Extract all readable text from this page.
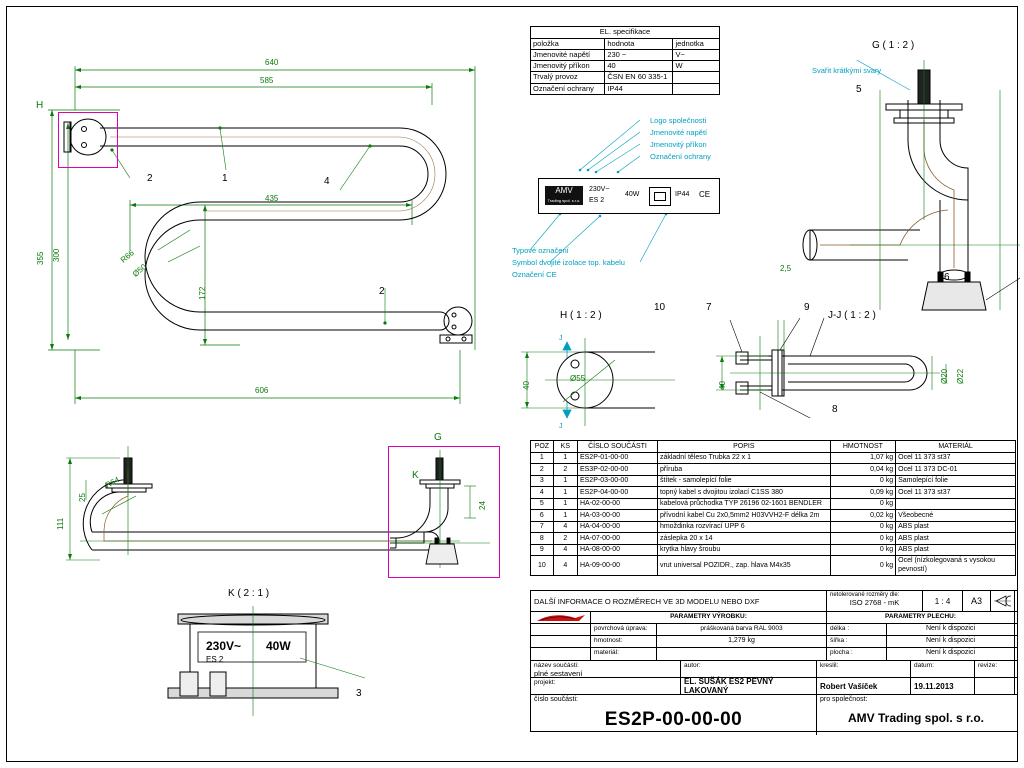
H
640
585
435
606
355 300
172
R66
Ø50
2	1	4
2
EL. specifikace		
položka	hodnota	jednotka
Jmenovité napětí	230 ~	V~
Jmenovitý příkon	40	W
Trvalý provoz	ČSN EN 60 335-1	
Označení ochrany	IP44	
Logo společnosti
Jmenovité napětí
Jmenovitý příkon
Označení ochrany
Typové označení
Symbol dvojité izolace top. kabelu
Označení CE
AMV
Trading spol. s.r.o.
230V~
ES 2
40W	IP44 CE
G ( 1 : 2 )
Svařit krátkými svary
5
6
H ( 1 : 2 )
J
J
40
Ø55
J-J ( 1 : 2 )
10	7	9
8
2,5
40
Ø20 Ø22
111
25
R64
G
K
24
K ( 2 : 1 )
230V~ 40W
ES 2
3
POZ	KS	ČÍSLO SOUČÁSTI	POPIS	HMOTNOST	MATERIÁL
1	1	ES2P-01-00-00	základní těleso Trubka 22 x 1	1,07 kg	Ocel 11 373 st37
2	2	ES3P-02-00-00	příruba	0,04 kg	Ocel 11 373 DC-01
3	1	ES2P-03-00-00	štítek - samolepící folie	0 kg	Samolepící folie
4	1	ES2P-04-00-00	topný kabel s dvojitou izolací C1SS 380	0,09 kg	Ocel 11 373 st37
5	1	HA-02-00-00	kabelová průchodka TYP 26196 02-1601 BENDLER	0 kg	
6	1	HA-03-00-00	přívodní kabel Cu 2x0,5mm2 H03VVH2-F délka 2m	0,02 kg	Všeobecné
7	4	HA-04-00-00	hmoždinka rozvírací UPP 6	0 kg	ABS plast
8	2	HA-07-00-00	záslepka 20 x 14	0 kg	ABS plast
9	4	HA-08-00-00	krytka hlavy šroubu	0 kg	ABS plast
10	4	HA-09-00-00	vrut universal POZIDR., zap. hlava M4x35	0 kg	Ocel (nízkolegovaná s vysokou pevností)
DALŠÍ INFORMACE O ROZMĚRECH VE 3D MODELU NEBO DXF
netolerované rozměry dle:
ISO 2768 - mK	1 : 4	A3
PARAMETRY VÝROBKU:	PARAMETRY PLECHU:
povrchová úprava:	práškovaná barva RAL 9003	délka :	Není k dispozici
hmotnost:	1,279 kg	šířka :	Není k dispozici
materiál:	plocha :	Není k dispozici
název součásti:
plné sestavení
autor:	kreslil:	datum:	revize:
projekt:	EL. SUŠÁK ES2 PEVNÝ LAKOVANÝ	Robert Vašíček	19.11.2013
číslo součásti:
ES2P-00-00-00
pro společnost:
AMV Trading spol. s r.o.
